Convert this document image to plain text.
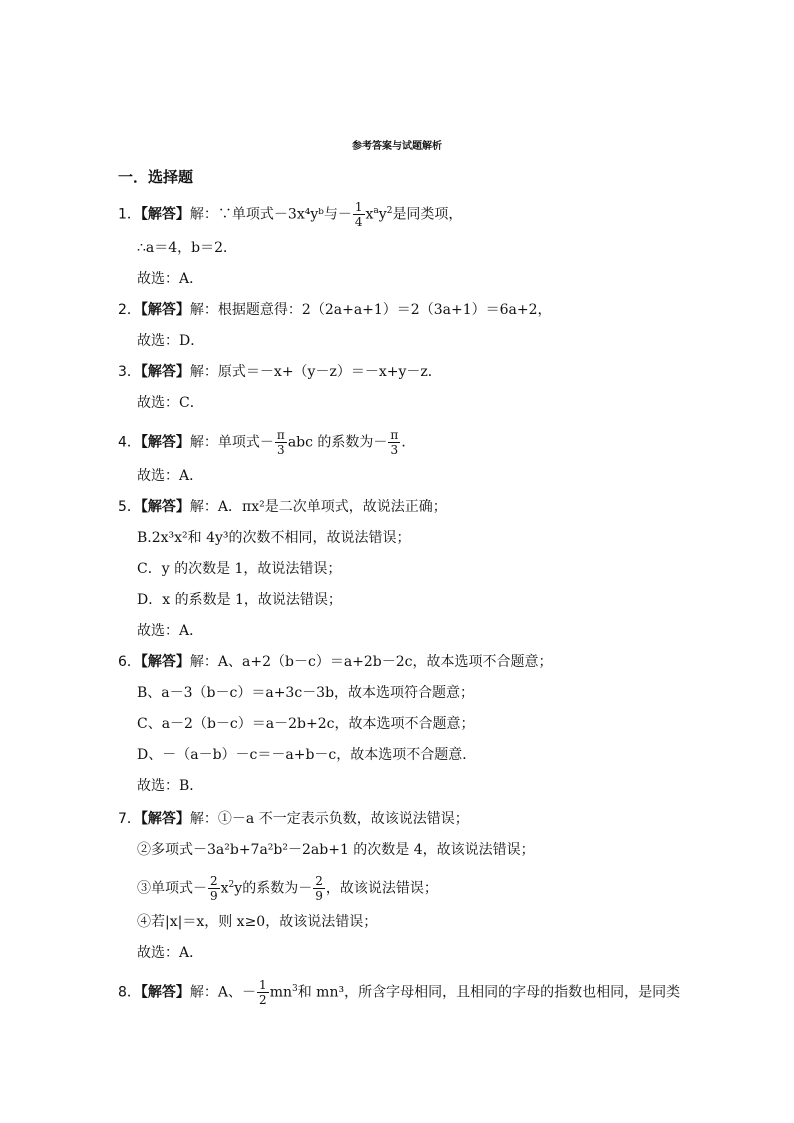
参考答案与试题解析
一．选择题
1．【解答】解：∵单项式－3x⁴yᵇ与－ $\frac{1}{4} x^ay^2$是同类项，
∴a＝4，b＝2．
故选：A．
2．【解答】解：根据题意得：2（2a+a+1）＝2（3a+1）＝6a+2，
故选：D．
3．【解答】解：原式＝－x+（y－z）＝－x+y－z．
故选：C．
4．【解答】解：单项式－ $\frac{\pi}{3}$ abc 的系数为－ $\frac{\pi}{3}$ ．
故选：A．
5．【解答】解：A．πx²是二次单项式，故说法正确；
B.2x³x²和 4y³的次数不相同，故说法错误；
C．y 的次数是 1，故说法错误；
D．x 的系数是 1，故说法错误；
故选：A．
6．【解答】解：A、a+2（b－c）＝a+2b－2c，故本选项不合题意；
B、a－3（b－c）＝a+3c－3b，故本选项符合题意；
C、a－2（b－c）＝a－2b+2c，故本选项不合题意；
D、－（a－b）－c＝－a+b－c，故本选项不合题意．
故选：B．
7．【解答】解：①－a 不一定表示负数，故该说法错误；
②多项式－3a²b+7a²b²－2ab+1 的次数是 4，故该说法错误；
③单项式－ $\frac{2}{9} x^2y$的系数为－ $\frac{2}{9}$ ，故该说法错误；
④若|x|＝x，则 x≥0，故该说法错误；
故选：A．
8．【解答】解：A、－ $\frac{1}{2} mn^3$和 mn³，所含字母相同，且相同的字母的指数也相同，是同类
